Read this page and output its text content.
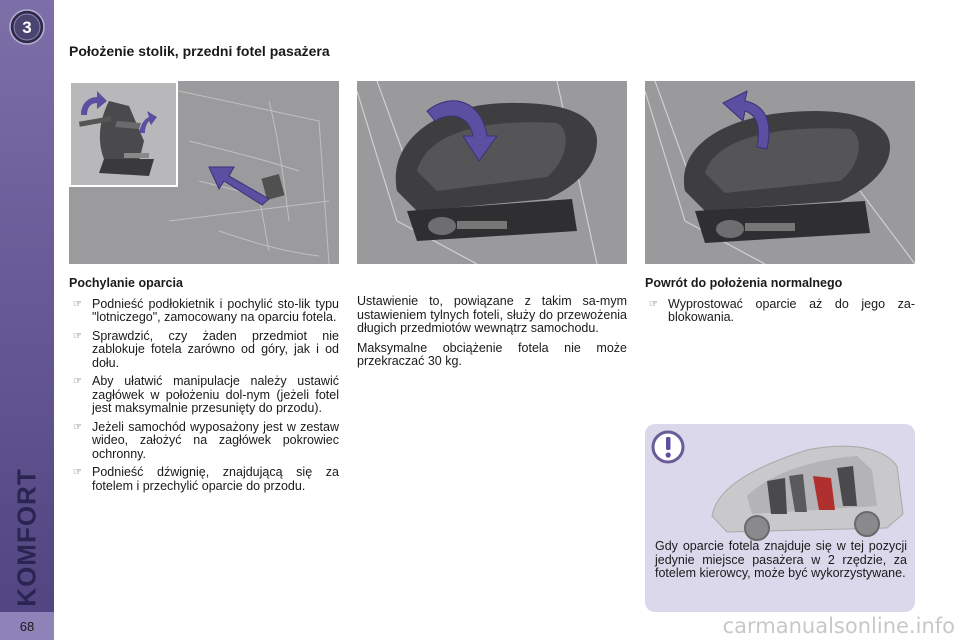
3
KOMFORT
68
Położenie stolik, przedni fotel pasażera
Pochylanie oparcia
☞ Podnieść podłokietnik i pochylić sto-lik typu "lotniczego", zamocowany na oparciu fotela.
☞ Sprawdzić, czy żaden przedmiot nie zablokuje fotela zarówno od góry, jak i od dołu.
☞ Aby ułatwić manipulacje należy ustawić zagłówek w położeniu dol-nym (jeżeli fotel jest maksymalnie przesunięty do przodu).
☞ Jeżeli samochód wyposażony jest w zestaw wideo, założyć na zagłówek pokrowiec ochronny.
☞ Podnieść dźwignię, znajdującą się za fotelem i przechylić oparcie do przodu.

Ustawienie to, powiązane z takim sa-mym ustawieniem tylnych foteli, służy do przewożenia długich przedmiotów wewnątrz samochodu.

Maksymalne obciążenie fotela nie może przekraczać 30 kg.

Powrót do położenia normalnego
☞ Wyprostować oparcie aż do jego za-blokowania.

Gdy oparcie fotela znajduje się w tej pozycji jedynie miejsce pasażera w 2 rzędzie, za fotelem kierowcy, może być wykorzystywane.

carmanualsonline.info
